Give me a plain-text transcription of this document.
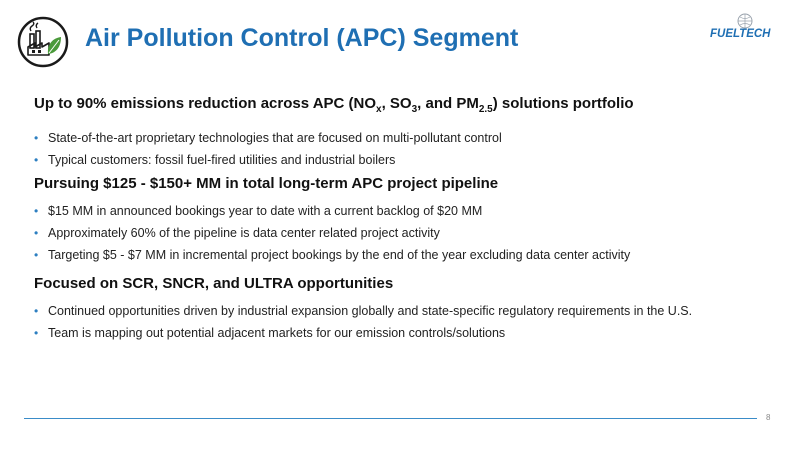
Air Pollution Control (APC) Segment	FUELTECH

Up to 90% emissions reduction across APC ($NO_x$, $SO_3$, and $PM_{2.5}$) solutions portfolio

• State-of-the-art proprietary technologies that are focused on multi-pollutant control
• Typical customers: fossil fuel-fired utilities and industrial boilers

Pursuing $125 - $150+ MM in total long-term APC project pipeline

• $15 MM in announced bookings year to date with a current backlog of $20 MM
• Approximately 60% of the pipeline is data center related project activity
• Targeting $5 - $7 MM in incremental project bookings by the end of the year excluding data center activity

Focused on SCR, SNCR, and ULTRA opportunities

• Continued opportunities driven by industrial expansion globally and state-specific regulatory requirements in the U.S.
• Team is mapping out potential adjacent markets for our emission controls/solutions
8
